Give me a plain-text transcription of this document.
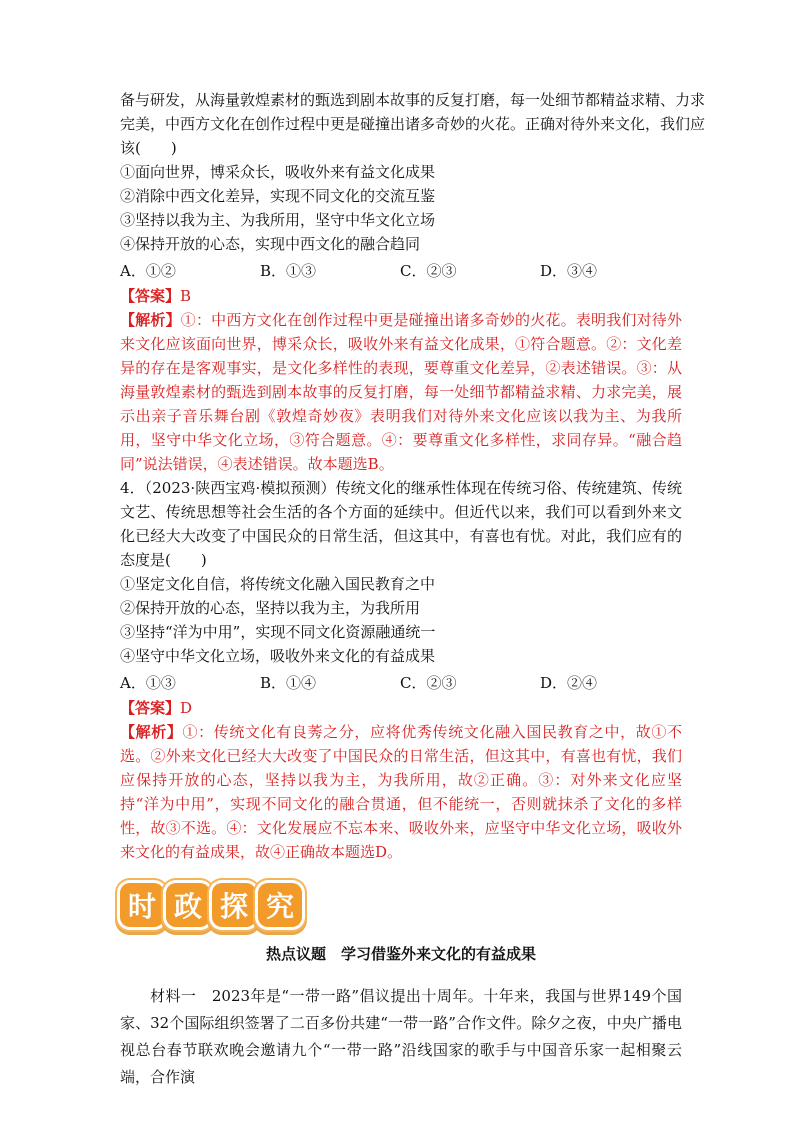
备与研发，从海量敦煌素材的甄选到剧本故事的反复打磨，每一处细节都精益求精、力求

完美，中西方文化在创作过程中更是碰撞出诸多奇妙的火花。正确对待外来文化，我们应

该(　　)

①面向世界，博采众长，吸收外来有益文化成果

②消除中西文化差异，实现不同文化的交流互鉴

③坚持以我为主、为我所用，坚守中华文化立场

④保持开放的心态，实现中西文化的融合趋同

A．①②	B．①③	C．②③	D．③④

【答案】B

【解析】①：中西方文化在创作过程中更是碰撞出诸多奇妙的火花。表明我们对待外来文化应该面向世界，博采众长，吸收外来有益文化成果，①符合题意。②：文化差异的存在是客观事实，是文化多样性的表现，要尊重文化差异，②表述错误。③：从海量敦煌素材的甄选到剧本故事的反复打磨，每一处细节都精益求精、力求完美，展示出亲子音乐舞台剧《敦煌奇妙夜》表明我们对待外来文化应该以我为主、为我所用，坚守中华文化立场，③符合题意。④：要尊重文化多样性，求同存异。“融合趋同”说法错误，④表述错误。故本题选B。

4．（2023·陕西宝鸡·模拟预测）传统文化的继承性体现在传统习俗、传统建筑、传统文艺、传统思想等社会生活的各个方面的延续中。但近代以来，我们可以看到外来文化已经大大改变了中国民众的日常生活，但这其中，有喜也有忧。对此，我们应有的态度是(　　)

①坚定文化自信，将传统文化融入国民教育之中

②保持开放的心态，坚持以我为主，为我所用

③坚持“洋为中用”，实现不同文化资源融通统一

④坚守中华文化立场，吸收外来文化的有益成果

A．①③	B．①④	C．②③	D．②④

【答案】D

【解析】①：传统文化有良莠之分，应将优秀传统文化融入国民教育之中，故①不选。②外来文化已经大大改变了中国民众的日常生活，但这其中，有喜也有忧，我们应保持开放的心态，坚持以我为主，为我所用，故②正确。③：对外来文化应坚持“洋为中用”，实现不同文化的融合贯通，但不能统一，否则就抹杀了文化的多样性，故③不选。④：文化发展应不忘本来、吸收外来，应坚守中华文化立场，吸收外来文化的有益成果，故④正确故本题选D。

时 政 探 究

热点议题　学习借鉴外来文化的有益成果

材料一　2023年是“一带一路”倡议提出十周年。十年来，我国与世界149个国家、32个国际组织签署了二百多份共建“一带一路”合作文件。除夕之夜，中央广播电视总台春节联欢晚会邀请九个“一带一路”沿线国家的歌手与中国音乐家一起相聚云端，合作演
